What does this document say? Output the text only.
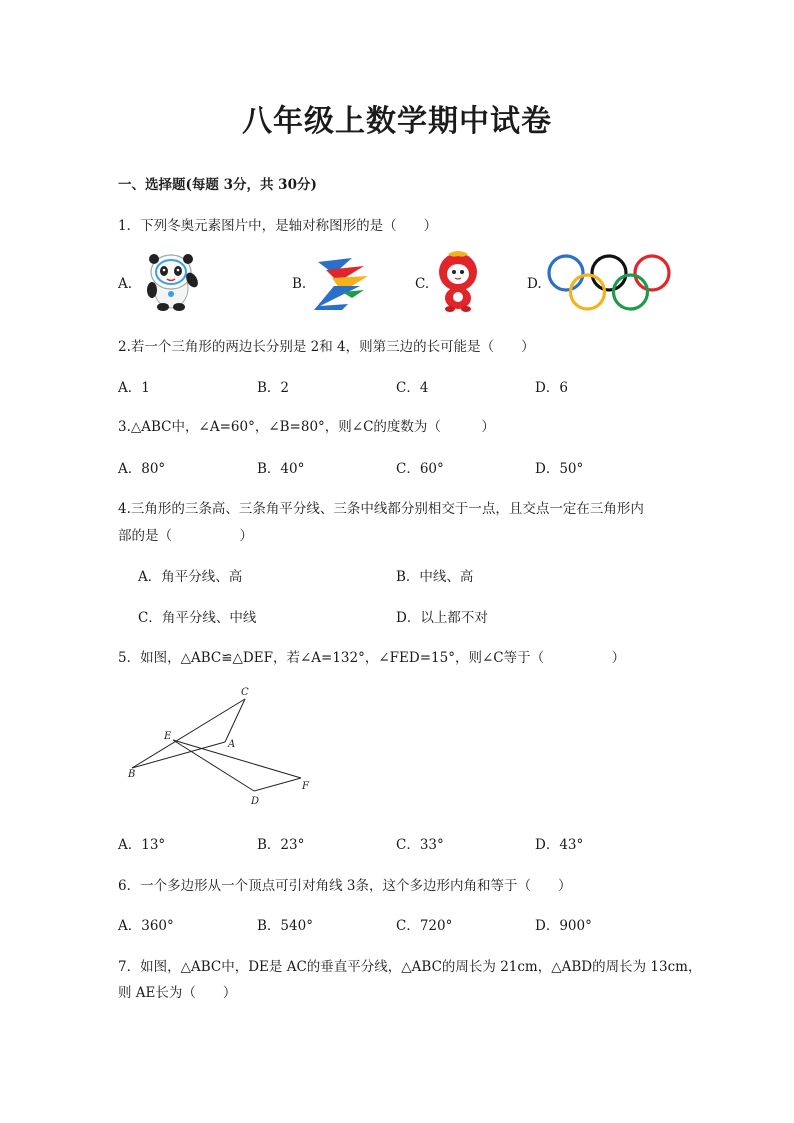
八年级上数学期中试卷
一、选择题(每题 3分，共 30分)
1．下列冬奥元素图片中，是轴对称图形的是（　　）
A.	B.	C.	D.
2.若一个三角形的两边长分别是 2和 4，则第三边的长可能是（　　）
A．1	B．2	C．4	D．6
3.△ABC中，∠A=60°，∠B=80°，则∠C的度数为（　　　）
A．80°	B．40°	C．60°	D．50°
4.三角形的三条高、三条角平分线、三条中线都分别相交于一点，且交点一定在三角形内
部的是（　　　　　）
A．角平分线、高	B．中线、高
C．角平分线、中线	D．以上都不对
5．如图，△ABC≌△DEF，若∠A=132°，∠FED=15°，则∠C等于（　　　　　）
C
E
A
B
D
F
A．13°	B．23°	C．33°	D．43°
6．一个多边形从一个顶点可引对角线 3条，这个多边形内角和等于（　　）
A．360°	B．540°	C．720°	D．900°
7．如图，△ABC中，DE是 AC的垂直平分线，△ABC的周长为 21cm，△ABD的周长为 13cm，
则 AE长为（　　）
